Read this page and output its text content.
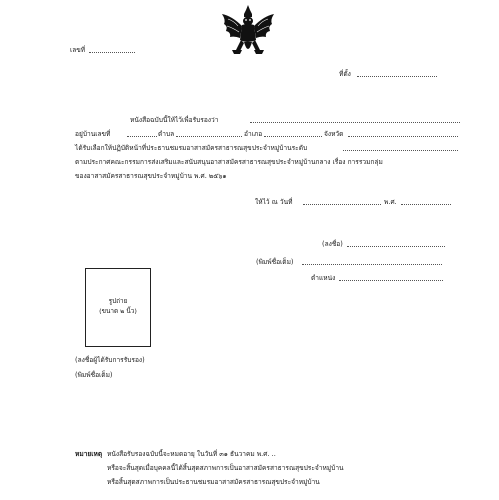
เลขที่
ที่ตั้ง
หนังสือฉบับนี้ให้ไว้เพื่อรับรองว่า
อยู่บ้านเลขที่	ตำบล	อำเภอ	จังหวัด
ได้รับเลือกให้ปฏิบัติหน้าที่ประธานชมรมอาสาสมัครสาธารณสุขประจำหมู่บ้านระดับ
ตามประกาศคณะกรรมการส่งเสริมและสนับสนุนอาสาสมัครสาธารณสุขประจำหมู่บ้านกลาง เรื่อง การรวมกลุ่ม
ของอาสาสมัครสาธารณสุขประจำหมู่บ้าน พ.ศ. ๒๕๖๑
ให้ไว้ ณ วันที่	พ.ศ.
(ลงชื่อ)
(พิมพ์ชื่อเต็ม)
ตำแหน่ง
รูปถ่าย
(ขนาด ๒ นิ้ว)
(ลงชื่อผู้ได้รับการรับรอง)
(พิมพ์ชื่อเต็ม)
หมายเหตุ หนังสือรับรองฉบับนี้จะหมดอายุ ในวันที่ ๓๑ ธันวาคม พ.ศ. ..
หรือจะสิ้นสุดเมื่อบุคคลนี้ได้สิ้นสุดสภาพการเป็นอาสาสมัครสาธารณสุขประจำหมู่บ้าน
หรือสิ้นสุดสภาพการเป็นประธานชมรมอาสาสมัครสาธารณสุขประจำหมู่บ้าน
